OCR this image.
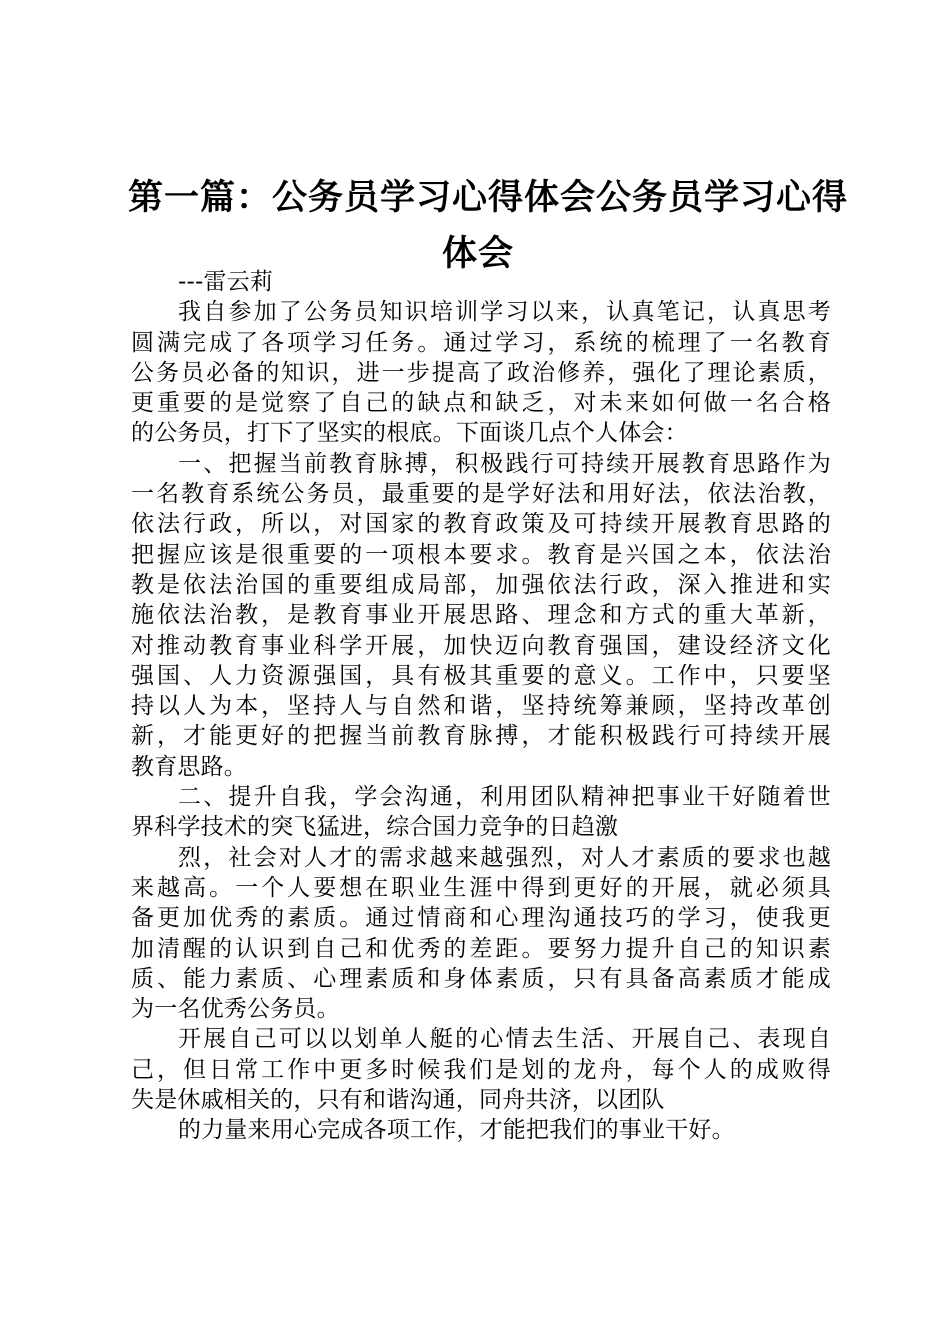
第一篇：公务员学习心得体会公务员学习心得
体会
---雷云莉
我自参加了公务员知识培训学习以来，认真笔记，认真思考
圆满完成了各项学习任务。通过学习，系统的梳理了一名教育
公务员必备的知识，进一步提高了政治修养，强化了理论素质，
更重要的是觉察了自己的缺点和缺乏，对未来如何做一名合格
的公务员，打下了坚实的根底。下面谈几点个人体会：
一、把握当前教育脉搏，积极践行可持续开展教育思路作为
一名教育系统公务员，最重要的是学好法和用好法，依法治教，
依法行政，所以，对国家的教育政策及可持续开展教育思路的
把握应该是很重要的一项根本要求。教育是兴国之本，依法治
教是依法治国的重要组成局部，加强依法行政，深入推进和实
施依法治教，是教育事业开展思路、理念和方式的重大革新，
对推动教育事业科学开展，加快迈向教育强国，建设经济文化
强国、人力资源强国，具有极其重要的意义。工作中，只要坚
持以人为本，坚持人与自然和谐，坚持统筹兼顾，坚持改革创
新，才能更好的把握当前教育脉搏，才能积极践行可持续开展
教育思路。
二、提升自我，学会沟通，利用团队精神把事业干好随着世
界科学技术的突飞猛进，综合国力竞争的日趋激
烈，社会对人才的需求越来越强烈，对人才素质的要求也越
来越高。一个人要想在职业生涯中得到更好的开展，就必须具
备更加优秀的素质。通过情商和心理沟通技巧的学习，使我更
加清醒的认识到自己和优秀的差距。要努力提升自己的知识素
质、能力素质、心理素质和身体素质，只有具备高素质才能成
为一名优秀公务员。
开展自己可以以划单人艇的心情去生活、开展自己、表现自
己，但日常工作中更多时候我们是划的龙舟，每个人的成败得
失是休戚相关的，只有和谐沟通，同舟共济，以团队
的力量来用心完成各项工作，才能把我们的事业干好。
